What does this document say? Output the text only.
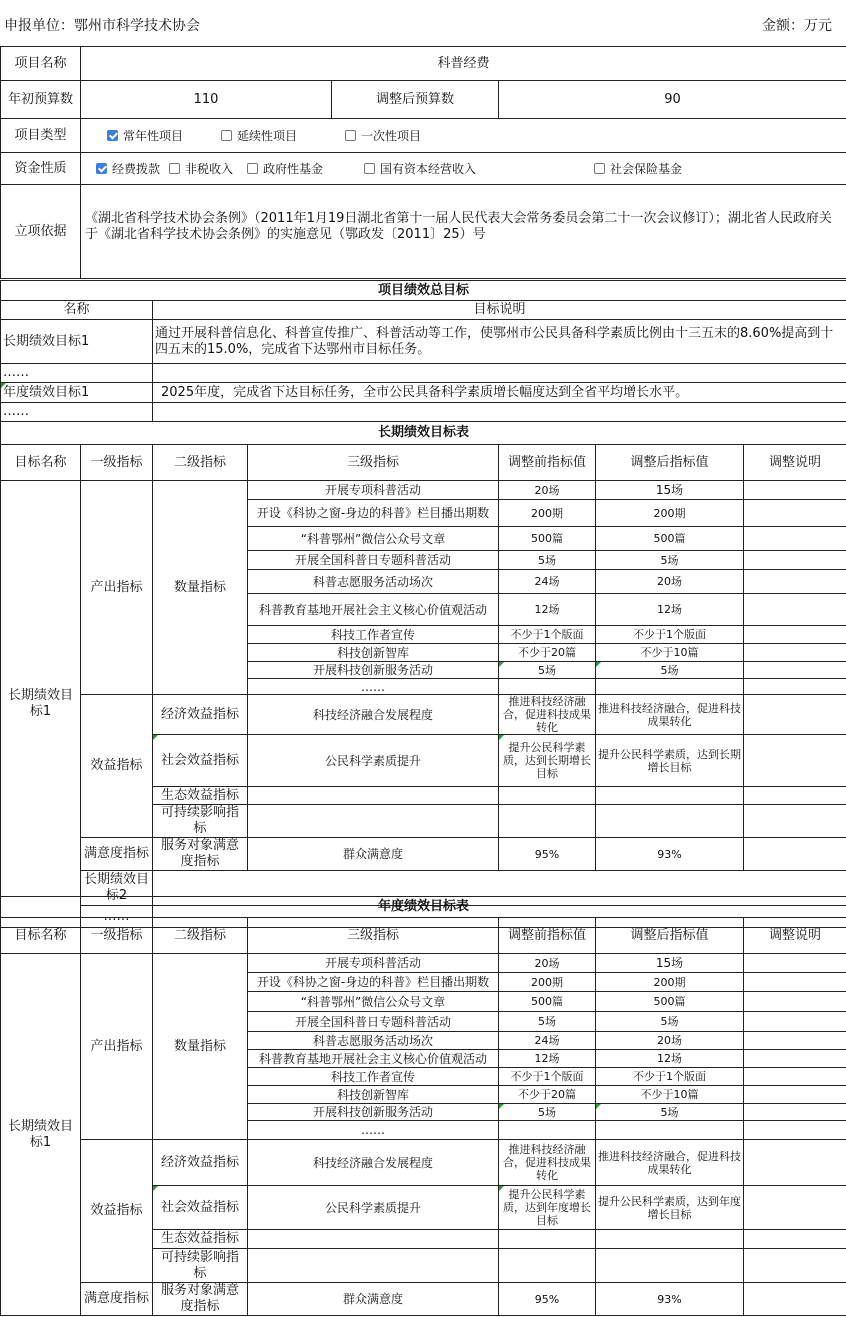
申报单位：鄂州市科学技术协会	金额：万元
项目名称	科普经费		
年初预算数	110	调整后预算数	90
项目类型	常年性项目 延续性项目 一次性项目		

资金性质	经费拨款 非税收入 政府性基金 国有资本经营收入 社会保险基金		

立项依据	《湖北省科学技术协会条例》（2011年1月19日湖北省第十一届人民代表大会常务委员会第二十一次会议修订）；湖北省人民政府关于《湖北省科学技术协会条例》的实施意见（鄂政发〔2011〕25）号		
项目绩效总目标	
名称	目标说明
长期绩效目标1	通过开展科普信息化、科普宣传推广、科普活动等工作，使鄂州市公民具备科学素质比例由十三五末的8.60%提高到十四五末的15.0%，完成省下达鄂州市目标任务。
……	
年度绩效目标1	2025年度，完成省下达目标任务，全市公民具备科学素质增长幅度达到全省平均增长水平。
……	
长期绩效目标表						
目标名称	一级指标	二级指标	三级指标	调整前指标值	调整后指标值	调整说明
长期绩效目标1	产出指标	数量指标	开展专项科普活动	20场	15场	
			开设《科协之窗-身边的科普》栏目播出期数	200期	200期	
			“科普鄂州”微信公众号文章	500篇	500篇	
			开展全国科普日专题科普活动	5场	5场	
			科普志愿服务活动场次	24场	20场	
			科普教育基地开展社会主义核心价值观活动	12场	12场	
			科技工作者宣传	不少于1个版面	不少于1个版面	
			科技创新智库	不少于20篇	不少于10篇	
			开展科技创新服务活动	5场	5场	
			……			
	效益指标	经济效益指标	科技经济融合发展程度	推进科技经济融合，促进科技成果转化	推进科技经济融合，促进科技成果转化	
		社会效益指标	公民科学素质提升	提升公民科学素质，达到长期增长目标	提升公民科学素质，达到长期增长目标	
		生态效益指标				
		可持续影响指标				
	满意度指标	服务对象满意度指标	群众满意度	95%	93%	
	长期绩效目标2					
	……					
年度绩效目标表						
目标名称	一级指标	二级指标	三级指标	调整前指标值	调整后指标值	调整说明
长期绩效目标1	产出指标	数量指标	开展专项科普活动	20场	15场	
			开设《科协之窗-身边的科普》栏目播出期数	200期	200期	
			“科普鄂州”微信公众号文章	500篇	500篇	
			开展全国科普日专题科普活动	5场	5场	
			科普志愿服务活动场次	24场	20场	
			科普教育基地开展社会主义核心价值观活动	12场	12场	
			科技工作者宣传	不少于1个版面	不少于1个版面	
			科技创新智库	不少于20篇	不少于10篇	
			开展科技创新服务活动	5场	5场	
			……			
	效益指标	经济效益指标	科技经济融合发展程度	推进科技经济融合，促进科技成果转化	推进科技经济融合，促进科技成果转化	
		社会效益指标	公民科学素质提升	提升公民科学素质，达到年度增长目标	提升公民科学素质，达到年度增长目标	
		生态效益指标				
		可持续影响指标				
	满意度指标	服务对象满意度指标	群众满意度	95%	93%	
